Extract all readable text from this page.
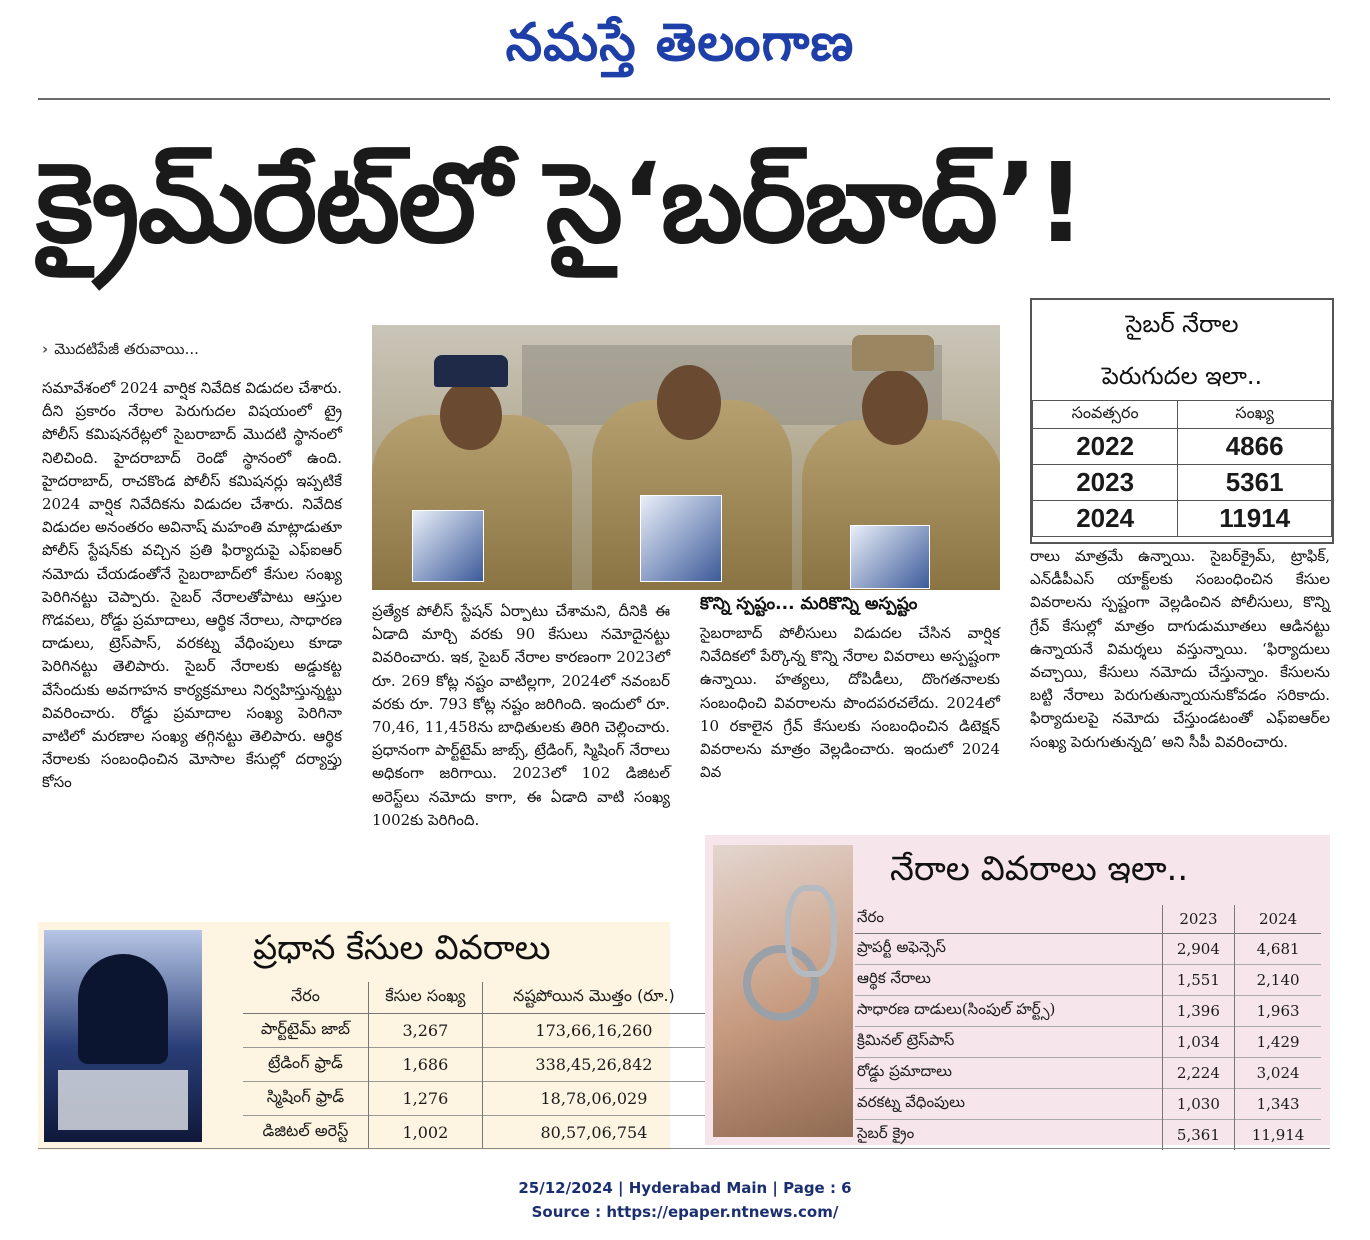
నమస్తే తెలంగాణ
క్రైమ్‌రేట్‌లో సై‘బర్‌బాద్‌’!
› మొదటిపేజీ తరువాయి...

సమావేశంలో 2024 వార్షిక నివేదిక విడుదల చేశారు. దీని ప్రకారం నేరాల పెరుగుదల విషయంలో ట్రై పోలీస్ కమిషనరేట్లలో సైబరాబాద్ మొదటి స్థానంలో నిలిచింది. హైదరాబాద్ రెండో స్థానంలో ఉంది. హైదరాబాద్, రాచకొండ పోలీస్ కమిషనర్లు ఇప్పటికే 2024 వార్షిక నివేదికను విడుదల చేశారు. నివేదిక విడుదల అనంతరం అవినాష్ మహంతి మాట్లాడుతూ పోలీస్ స్టేషన్‌కు వచ్చిన ప్రతి ఫిర్యాదుపై ఎఫ్ఐఆర్ నమోదు చేయడంతోనే సైబరాబాద్‌లో కేసుల సంఖ్య పెరిగినట్టు చెప్పారు. సైబర్ నేరాలతోపాటు ఆస్తుల గొడవలు, రోడ్డు ప్రమాదాలు, ఆర్థిక నేరాలు, సాధారణ దాడులు, ట్రెస్‌పాస్, వరకట్న వేధింపులు కూడా పెరిగినట్టు తెలిపారు. సైబర్ నేరాలకు అడ్డుకట్ట వేసేందుకు అవగాహన కార్యక్రమాలు నిర్వహిస్తున్నట్టు వివరించారు. రోడ్డు ప్రమాదాల సంఖ్య పెరిగినా వాటిలో మరణాల సంఖ్య తగ్గినట్టు తెలిపారు. ఆర్థిక నేరాలకు సంబంధించిన మోసాల కేసుల్లో దర్యాప్తు కోసం

ప్రత్యేక పోలీస్ స్టేషన్ ఏర్పాటు చేశామని, దీనికి ఈ ఏడాది మార్చి వరకు 90 కేసులు నమోదైనట్టు వివరించారు. ఇక, సైబర్ నేరాల కారణంగా 2023లో రూ. 269 కోట్ల నష్టం వాటిల్లగా, 2024లో నవంబర్ వరకు రూ. 793 కోట్ల నష్టం జరిగింది. ఇందులో రూ. 70,46, 11,458ను బాధితులకు తిరిగి చెల్లించారు. ప్రధానంగా పార్ట్‌టైమ్ జాబ్స్, ట్రేడింగ్, స్మిషింగ్ నేరాలు అధికంగా జరిగాయి. 2023లో 102 డిజిటల్ అరెస్ట్‌లు నమోదు కాగా, ఈ ఏడాది వాటి సంఖ్య 1002కు పెరిగింది.

కొన్ని స్పష్టం... మరికొన్ని అస్పష్టం

సైబరాబాద్ పోలీసులు విడుదల చేసిన వార్షిక నివేదికలో పేర్కొన్న కొన్ని నేరాల వివరాలు అస్పష్టంగా ఉన్నాయి. హత్యలు, దోపిడీలు, దొంగతనాలకు సంబంధించి వివరాలను పొందపరచలేదు. 2024లో 10 రకాలైన గ్రేవ్ కేసులకు సంబంధించిన డిటెక్షన్ వివరాలను మాత్రం వెల్లడించారు. ఇందులో 2024 వివ

సైబర్ నేరాల
పెరుగుదల ఇలా..
సంవత్సరం	సంఖ్య
2022	4866
2023	5361
2024	11914

రాలు మాత్రమే ఉన్నాయి. సైబర్‌క్రైమ్, ట్రాఫిక్, ఎన్‌డీపీఎస్ యాక్ట్‌లకు సంబంధించిన కేసుల వివరాలను స్పష్టంగా వెల్లడించిన పోలీసులు, కొన్ని గ్రేవ్ కేసుల్లో మాత్రం దాగుడుమూతలు ఆడినట్టు ఉన్నాయనే విమర్శలు వస్తున్నాయి. ‘ఫిర్యాదులు వచ్చాయి, కేసులు నమోదు చేస్తున్నాం. కేసులను బట్టి నేరాలు పెరుగుతున్నాయనుకోవడం సరికాదు. ఫిర్యాదులపై నమోదు చేస్తుండటంతో ఎఫ్ఐఆర్‌ల సంఖ్య పెరుగుతున్నది’ అని సీపీ వివరించారు.

ప్రధాన కేసుల వివరాలు
నేరం	కేసుల సంఖ్య	నష్టపోయిన మొత్తం (రూ.)
పార్ట్‌టైమ్ జాబ్	3,267	173,66,16,260
ట్రేడింగ్ ఫ్రాడ్	1,686	338,45,26,842
స్మిషింగ్ ఫ్రాడ్	1,276	18,78,06,029
డిజిటల్ అరెస్ట్	1,002	80,57,06,754
నేరాల వివరాలు ఇలా..
నేరం	2023	2024
ప్రాపర్టీ అఫెన్సెస్	2,904	4,681
ఆర్థిక నేరాలు	1,551	2,140
సాధారణ దాడులు(సింపుల్ హర్ట్స్)	1,396	1,963
క్రిమినల్ ట్రెస్‌పాస్	1,034	1,429
రోడ్డు ప్రమాదాలు	2,224	3,024
వరకట్న వేధింపులు	1,030	1,343
సైబర్ క్రైం	5,361	11,914
25/12/2024 | Hyderabad Main | Page : 6
Source : https://epaper.ntnews.com/
